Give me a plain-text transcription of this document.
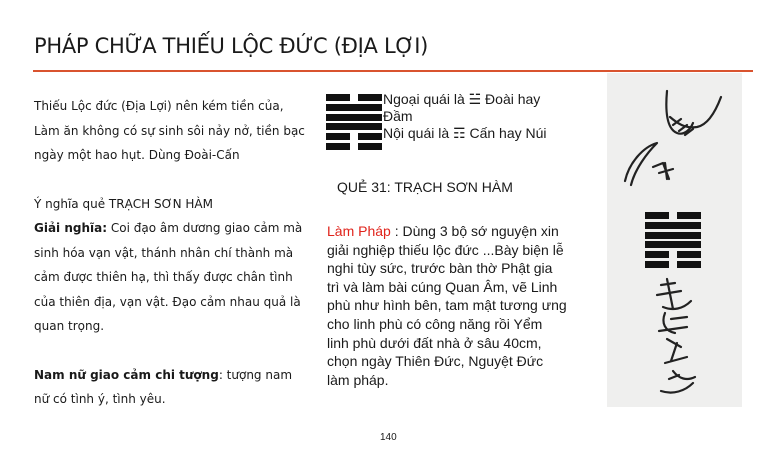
PHÁP CHỮA THIẾU LỘC ĐỨC (ĐỊA LỢI)

Thiếu Lộc đức (Địa Lợi) nên kém tiền của, Làm ăn không có sự sinh sôi nảy nở, tiền bạc ngày một hao hụt. Dùng Đoài-Cấn

Ý nghĩa quẻ TRẠCH SƠN HÀM

Giải nghĩa: Coi đạo âm dương giao cảm mà sinh hóa vạn vật, thánh nhân chí thành mà cảm được thiên hạ, thì thấy được chân tình của thiên địa, vạn vật. Đạo cảm nhau quả là quan trọng.

Nam nữ giao cảm chi tượng: tượng nam nữ có tình ý, tình yêu.

Ngoại quái là ☱ Đoài hay Đầm
Nội quái là ☶ Cấn hay Núi
QUẺ 31: TRẠCH SƠN HÀM
Làm Pháp : Dùng 3 bộ sớ nguyện xin giải nghiệp thiếu lộc đức ...Bày biện lễ nghi tùy sức, trước bàn thờ Phật gia trì và làm bài cúng Quan Âm, vẽ Linh phù như hình bên, tam mật tương ưng cho linh phù có công năng rồi Yểm linh phù dưới đất nhà ở sâu 40cm, chọn ngày Thiên Đức, Nguyệt Đức làm pháp.
140
